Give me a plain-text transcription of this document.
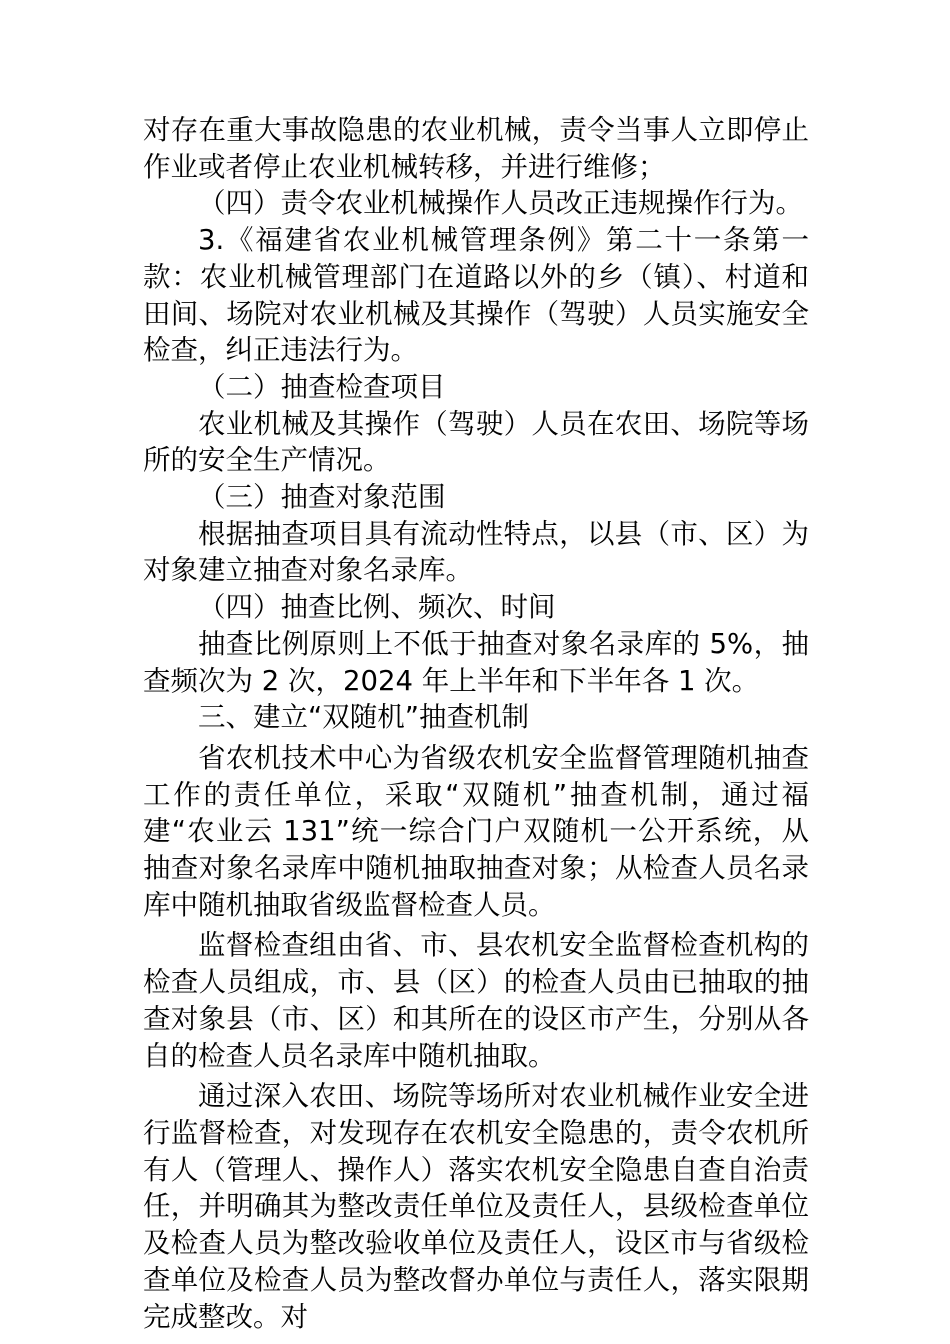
对存在重大事故隐患的农业机械，责令当事人立即停止作业或者停止农业机械转移，并进行维修；

（四）责令农业机械操作人员改正违规操作行为。

3.《福建省农业机械管理条例》第二十一条第一款：农业机械管理部门在道路以外的乡（镇）、村道和田间、场院对农业机械及其操作（驾驶）人员实施安全检查，纠正违法行为。

（二）抽查检查项目

农业机械及其操作（驾驶）人员在农田、场院等场所的安全生产情况。

（三）抽查对象范围

根据抽查项目具有流动性特点，以县（市、区）为对象建立抽查对象名录库。

（四）抽查比例、频次、时间

抽查比例原则上不低于抽查对象名录库的 5%，抽查频次为 2 次，2024 年上半年和下半年各 1 次。

三、建立“双随机”抽查机制

省农机技术中心为省级农机安全监督管理随机抽查工作的责任单位，采取“双随机”抽查机制，通过福建“农业云 131”统一综合门户双随机一公开系统，从抽查对象名录库中随机抽取抽查对象；从检查人员名录库中随机抽取省级监督检查人员。

监督检查组由省、市、县农机安全监督检查机构的检查人员组成，市、县（区）的检查人员由已抽取的抽查对象县（市、区）和其所在的设区市产生，分别从各自的检查人员名录库中随机抽取。

通过深入农田、场院等场所对农业机械作业安全进行监督检查，对发现存在农机安全隐患的，责令农机所有人（管理人、操作人）落实农机安全隐患自查自治责任，并明确其为整改责任单位及责任人，县级检查单位及检查人员为整改验收单位及责任人，设区市与省级检查单位及检查人员为整改督办单位与责任人，落实限期完成整改。对
